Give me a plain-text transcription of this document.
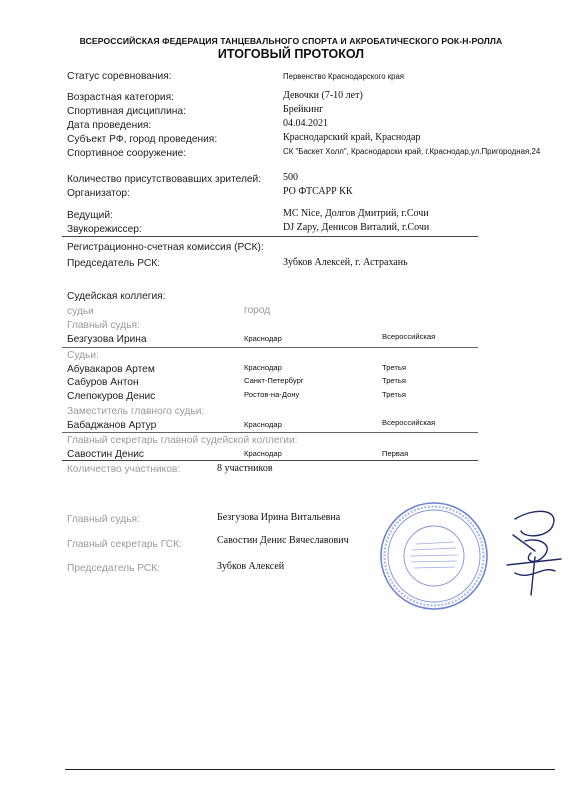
ВСЕРОССИЙСКАЯ ФЕДЕРАЦИЯ ТАНЦЕВАЛЬНОГО СПОРТА И АКРОБАТИЧЕСКОГО РОК-Н-РОЛЛА
ИТОГОВЫЙ ПРОТОКОЛ
Статус соревнования:	Первенство Краснодарского края
Возрастная категория:	Девочки (7-10 лет)
Спортивная дисциплина:	Брейкинг
Дата проведения:	04.04.2021
Субъект РФ, город проведения:	Краснодарский край, Краснодар
Спортивное сооружение:	СК "Баскет Холл", Краснодарски край, г.Краснодар,ул.Пригородная,24
Количество присутствовавших зрителей: 500
Организатор:	РО ФТСАРР КК
Ведущий:	MC Nice, Долгов Дмитрий, г.Сочи
Звукорежиссер:	DJ Zapy, Денисов Виталий, г.Сочи
Регистрационно-счетная комиссия (РСК):
Председатель РСК:	Зубков Алексей, г. Астрахань
Судейская коллегия:
судьи	город
Главный судья:
Безгузова Ирина	Краснодар	Всероссийская
Судьи:
Абувакаров Артем	Краснодар	Третья
Сабуров Антон	Санкт-Петербург	Третья
Слепокуров Денис	Ростов-на-Дону	Третья
Заместитель главного судьи:
Бабаджанов Артур	Краснодар	Всероссийская
Главный секретарь главной судейской коллегии:
Савостин Денис	Краснодар	Первая
Количество участников:	8 участников
Главный судья:	Безгузова Ирина Витальевна
Главный секретарь ГСК:	Савостин Денис Вячеславович
Председатель РСК:	Зубков Алексей
